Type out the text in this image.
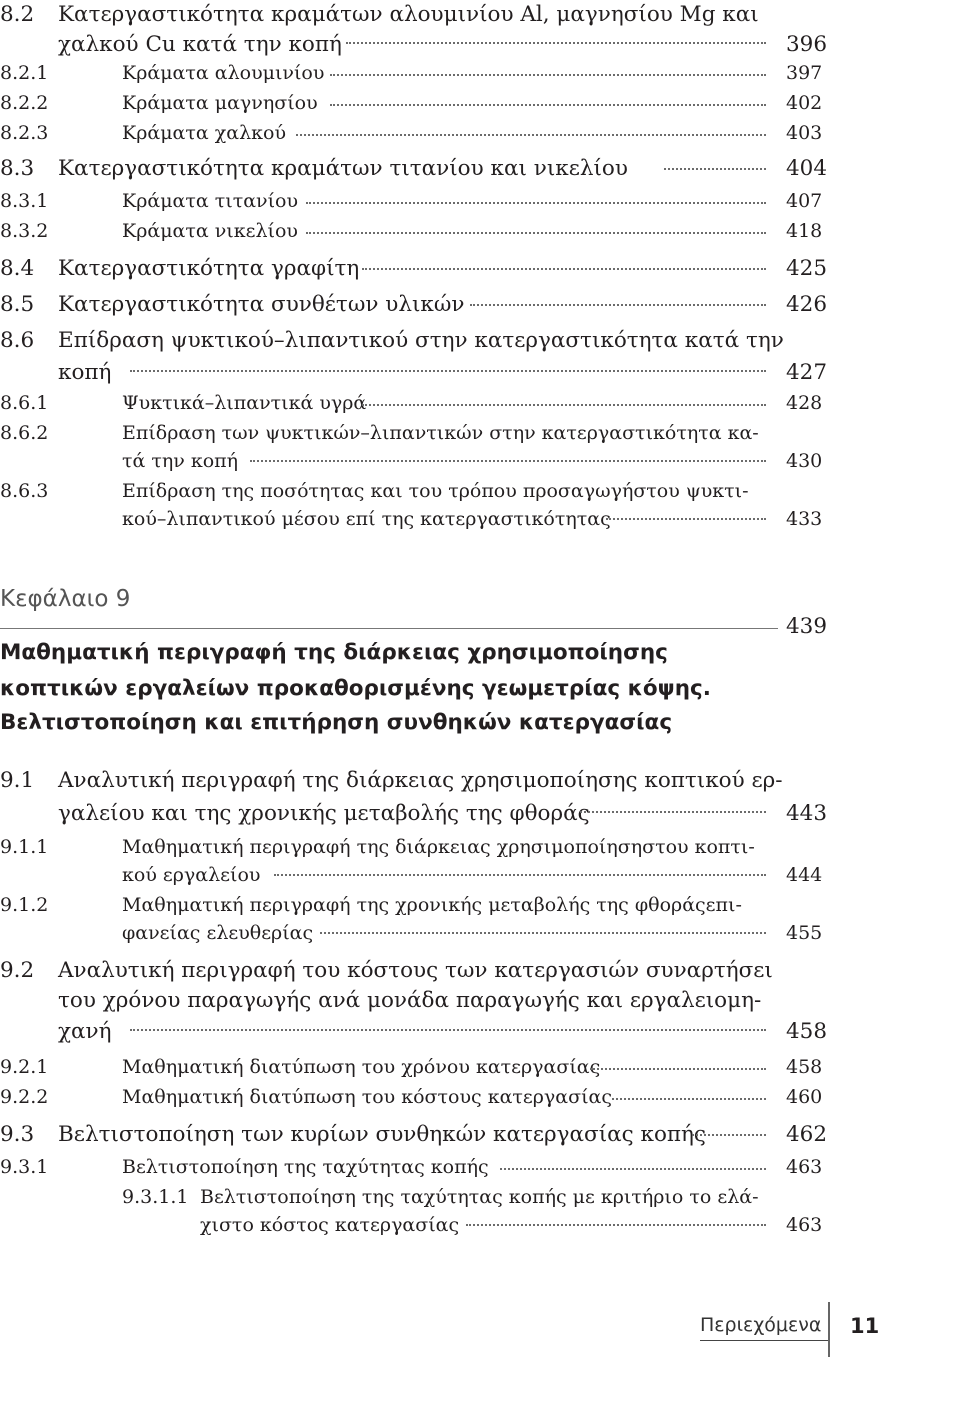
8.2 Κατεργαστικότητα κραμάτων αλουμινίου Al, μαγνησίου Mg και
χαλκού Cu κατά την κοπή	396
8.2.1	Κράματα αλουμινίου	397
8.2.2	Κράματα μαγνησίου	402
8.2.3	Κράματα χαλκού	403
8.3 Κατεργαστικότητα κραμάτων τιτανίου και νικελίου	404
8.3.1	Κράματα τιτανίου	407
8.3.2	Κράματα νικελίου	418
8.4 Κατεργαστικότητα γραφίτη	425
8.5 Κατεργαστικότητα συνθέτων υλικών	426
8.6 Επίδραση ψυκτικού–λιπαντικού στην κατεργαστικότητα κατά την
κοπή	427
8.6.1	Ψυκτικά–λιπαντικά υγρά	428
8.6.2	Επίδραση των ψυκτικών–λιπαντικών στην κατεργαστικότητα κα-
τά την κοπή	430
8.6.3	Επίδραση της ποσότητας και του τρόπου προσαγωγήστου ψυκτι-
κού–λιπαντικού μέσου επί της κατεργαστικότητας	433
Κεφάλαιο 9
439
Μαθηματική περιγραφή της διάρκειας χρησιμοποίησης
κοπτικών εργαλείων προκαθορισμένης γεωμετρίας κόψης.
Βελτιστοποίηση και επιτήρηση συνθηκών κατεργασίας
9.1 Αναλυτική περιγραφή της διάρκειας χρησιμοποίησης κοπτικού ερ-
γαλείου και της χρονικής μεταβολής της φθοράς	443
9.1.1	Μαθηματική περιγραφή της διάρκειας χρησιμοποίησηστου κοπτι-
κού εργαλείου	444
9.1.2	Μαθηματική περιγραφή της χρονικής μεταβολής της φθοράςεπι-
φανείας ελευθερίας	455
9.2 Αναλυτική περιγραφή του κόστους των κατεργασιών συναρτήσει
του χρόνου παραγωγής ανά μονάδα παραγωγής και εργαλειομη-
χανή	458
9.2.1	Μαθηματική διατύπωση του χρόνου κατεργασίας	458
9.2.2	Μαθηματική διατύπωση του κόστους κατεργασίας	460
9.3 Βελτιστοποίηση των κυρίων συνθηκών κατεργασίας κοπής	462
9.3.1	Βελτιστοποίηση της ταχύτητας κοπής	463
9.3.1.1 Βελτιστοποίηση της ταχύτητας κοπής με κριτήριο το ελά-
χιστο κόστος κατεργασίας	463
Περιεχόμενα 11
